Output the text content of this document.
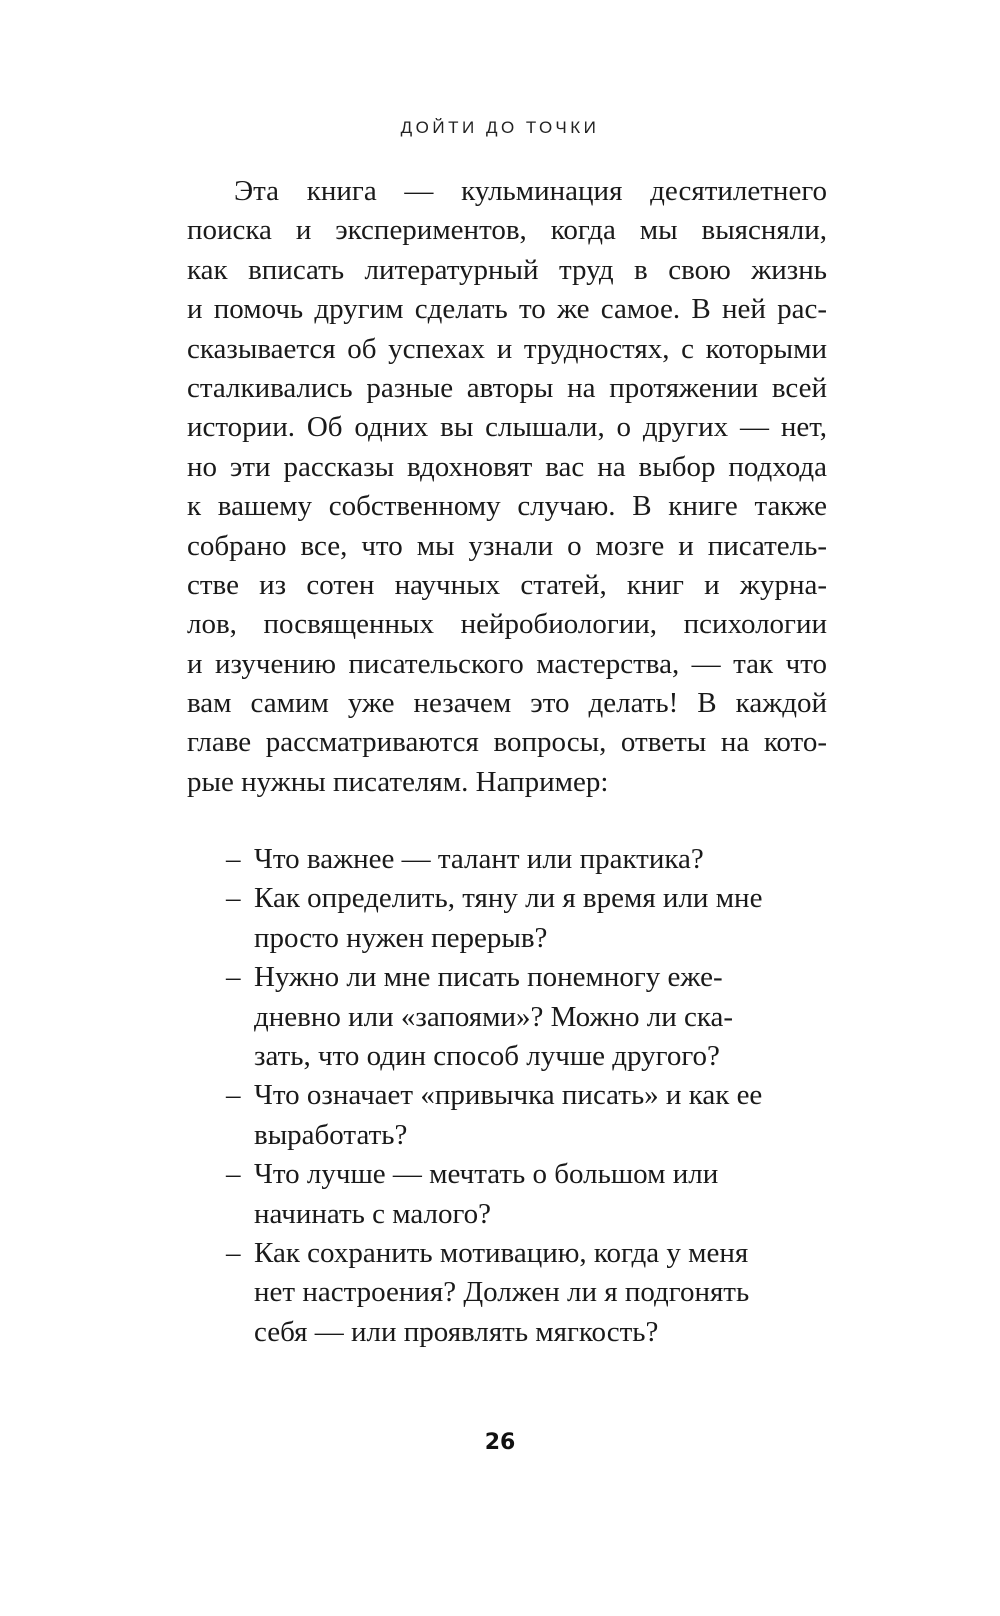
ДОЙТИ ДО ТОЧКИ
Эта книга — кульминация десятилетнего
поиска и экспериментов, когда мы выясняли,
как вписать литературный труд в свою жизнь
и помочь другим сделать то же самое. В ней рас-
сказывается об успехах и трудностях, с которыми
сталкивались разные авторы на протяжении всей
истории. Об одних вы слышали, о других — нет,
но эти рассказы вдохновят вас на выбор подхода
к вашему собственному случаю. В книге также
собрано все, что мы узнали о мозге и писатель-
стве из сотен научных статей, книг и журна-
лов, посвященных нейробиологии, психологии
и изучению писательского мастерства, — так что
вам самим уже незачем это делать! В каждой
главе рассматриваются вопросы, ответы на кото-
рые нужны писателям. Например:
– Что важнее — талант или практика?
– Как определить, тяну ли я время или мне
просто нужен перерыв?
– Нужно ли мне писать понемногу еже-
дневно или «запоями»? Можно ли ска-
зать, что один способ лучше другого?
– Что означает «привычка писать» и как ее
выработать?
– Что лучше — мечтать о большом или
начинать с малого?
– Как сохранить мотивацию, когда у меня
нет настроения? Должен ли я подгонять
себя — или проявлять мягкость?
26
